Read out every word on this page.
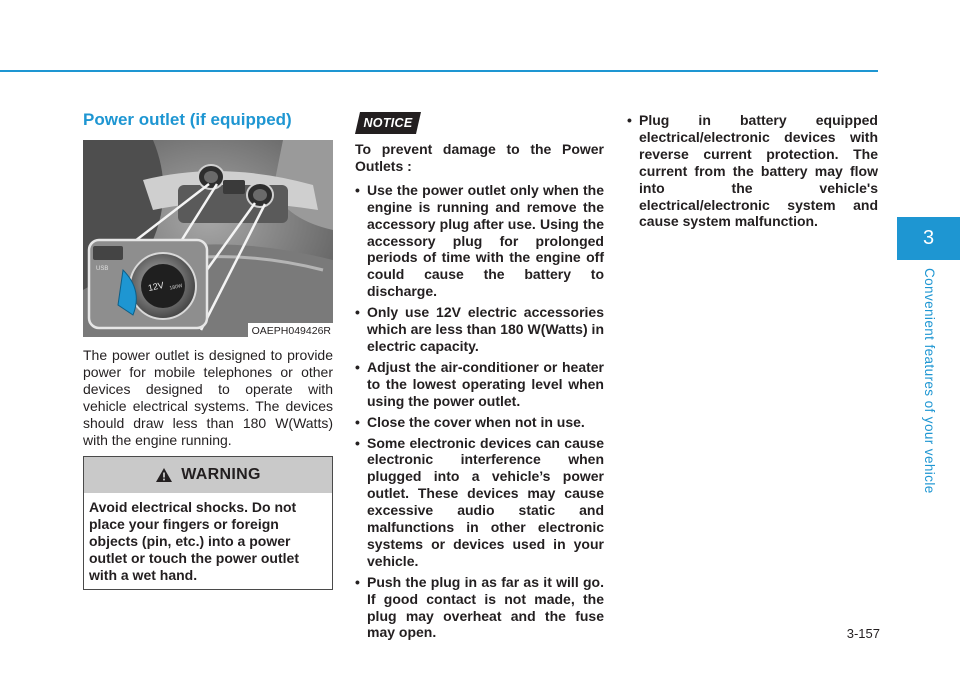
3
Convenient features of your vehicle
3-157
Power outlet (if equipped)
USB
12V 180W
OAEPH049426R

The power outlet is designed to provide power for mobile telephones or other devices designed to operate with vehicle electrical systems. The devices should draw less than 180 W(Watts) with the engine running.

WARNING
Avoid electrical shocks. Do not place your fingers or foreign objects (pin, etc.) into a power outlet or touch the power outlet with a wet hand.
NOTICE

To prevent damage to the Power Outlets :

• Use the power outlet only when the engine is running and remove the accessory plug after use. Using the accessory plug for prolonged periods of time with the engine off could cause the battery to discharge.
• Only use 12V electric accessories which are less than 180 W(Watts) in electric capacity.
• Adjust the air-conditioner or heater to the lowest operating level when using the power outlet.
• Close the cover when not in use.
• Some electronic devices can cause electronic interference when plugged into a vehicle’s power outlet. These devices may cause excessive audio static and malfunctions in other electronic systems or devices used in your vehicle.
• Push the plug in as far as it will go. If good contact is not made, the plug may overheat and the fuse may open.
• Plug in battery equipped electrical/electronic devices with reverse current protection. The current from the battery may flow into the vehicle's electrical/electronic system and cause system malfunction.
